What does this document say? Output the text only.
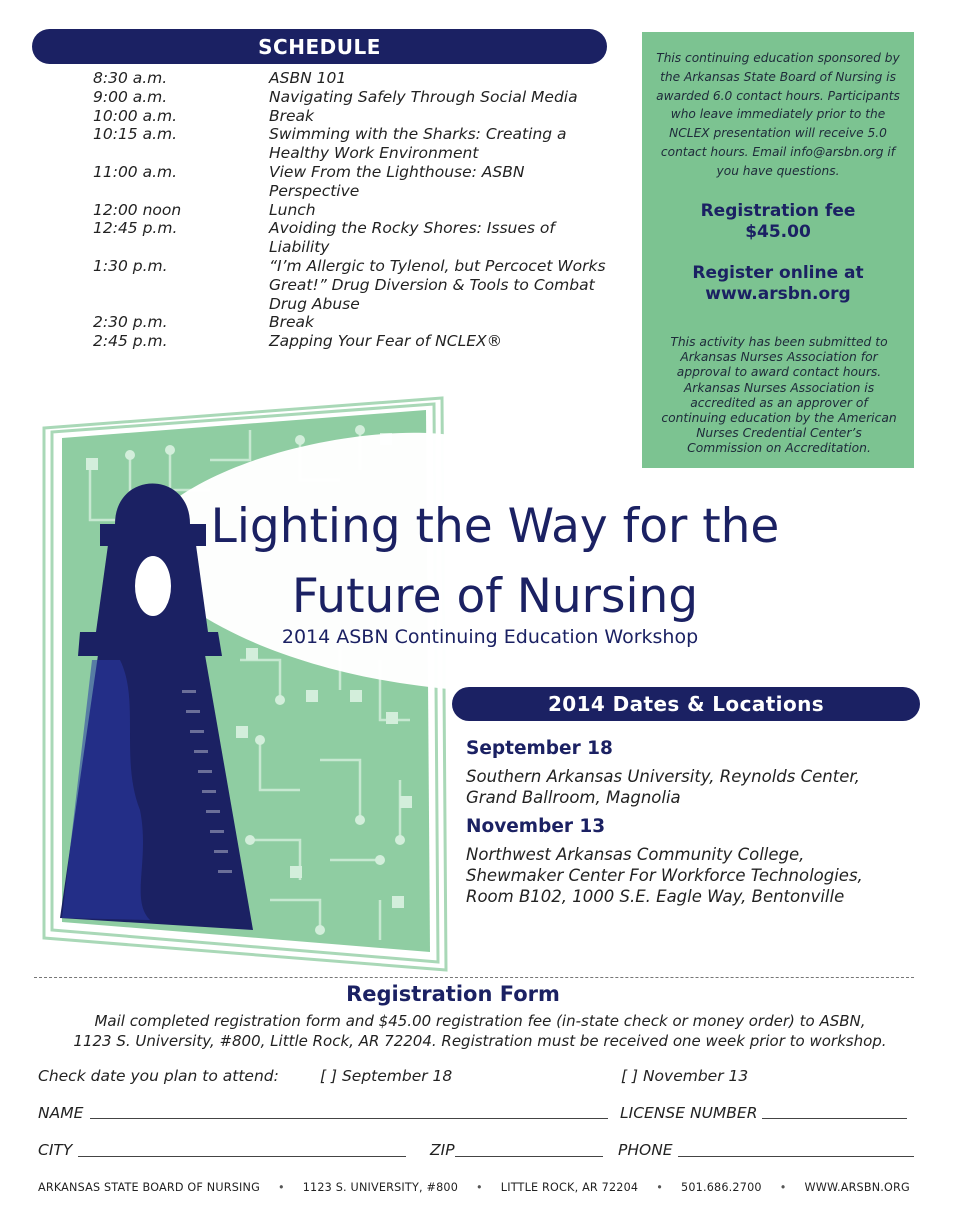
SCHEDULE
8:30 a.m.	ASBN 101
9:00 a.m.	Navigating Safely Through Social Media
10:00 a.m.	Break
10:15 a.m.	Swimming with the Sharks: Creating a Healthy Work Environment
11:00 a.m.	View From the Lighthouse: ASBN Perspective
12:00 noon	Lunch
12:45 p.m.	Avoiding the Rocky Shores: Issues of Liability
1:30 p.m.	“I’m Allergic to Tylenol, but Percocet Works Great!” Drug Diversion & Tools to Combat Drug Abuse
2:30 p.m.	Break
2:45 p.m.	Zapping Your Fear of NCLEX®
This continuing education sponsored by the Arkansas State Board of Nursing is awarded 6.0 contact hours. Participants who leave immediately prior to the NCLEX presentation will receive 5.0 contact hours. Email info@arsbn.org if you have questions.
Registration fee
$45.00
Register online at
www.arsbn.org
This activity has been submitted to Arkansas Nurses Association for approval to award contact hours. Arkansas Nurses Association is accredited as an approver of continuing education by the American Nurses Credential Center’s Commission on Accreditation.
Lighting the Way for the
Future of Nursing
2014 ASBN Continuing Education Workshop
2014 Dates & Locations
September 18
Southern Arkansas University, Reynolds Center,
Grand Ballroom, Magnolia
November 13
Northwest Arkansas Community College,
Shewmaker Center For Workforce Technologies,
Room B102, 1000 S.E. Eagle Way, Bentonville
Registration Form
Mail completed registration form and $45.00 registration fee (in-state check or money order) to ASBN,
1123 S. University, #800, Little Rock, AR 72204. Registration must be received one week prior to workshop.
Check date you plan to attend:	[ ] September 18	[ ] November 13
NAME	LICENSE NUMBER
CITY	ZIP	PHONE
ARKANSAS STATE BOARD OF NURSING • 1123 S. UNIVERSITY, #800 • LITTLE ROCK, AR 72204 • 501.686.2700 • WWW.ARSBN.ORG
